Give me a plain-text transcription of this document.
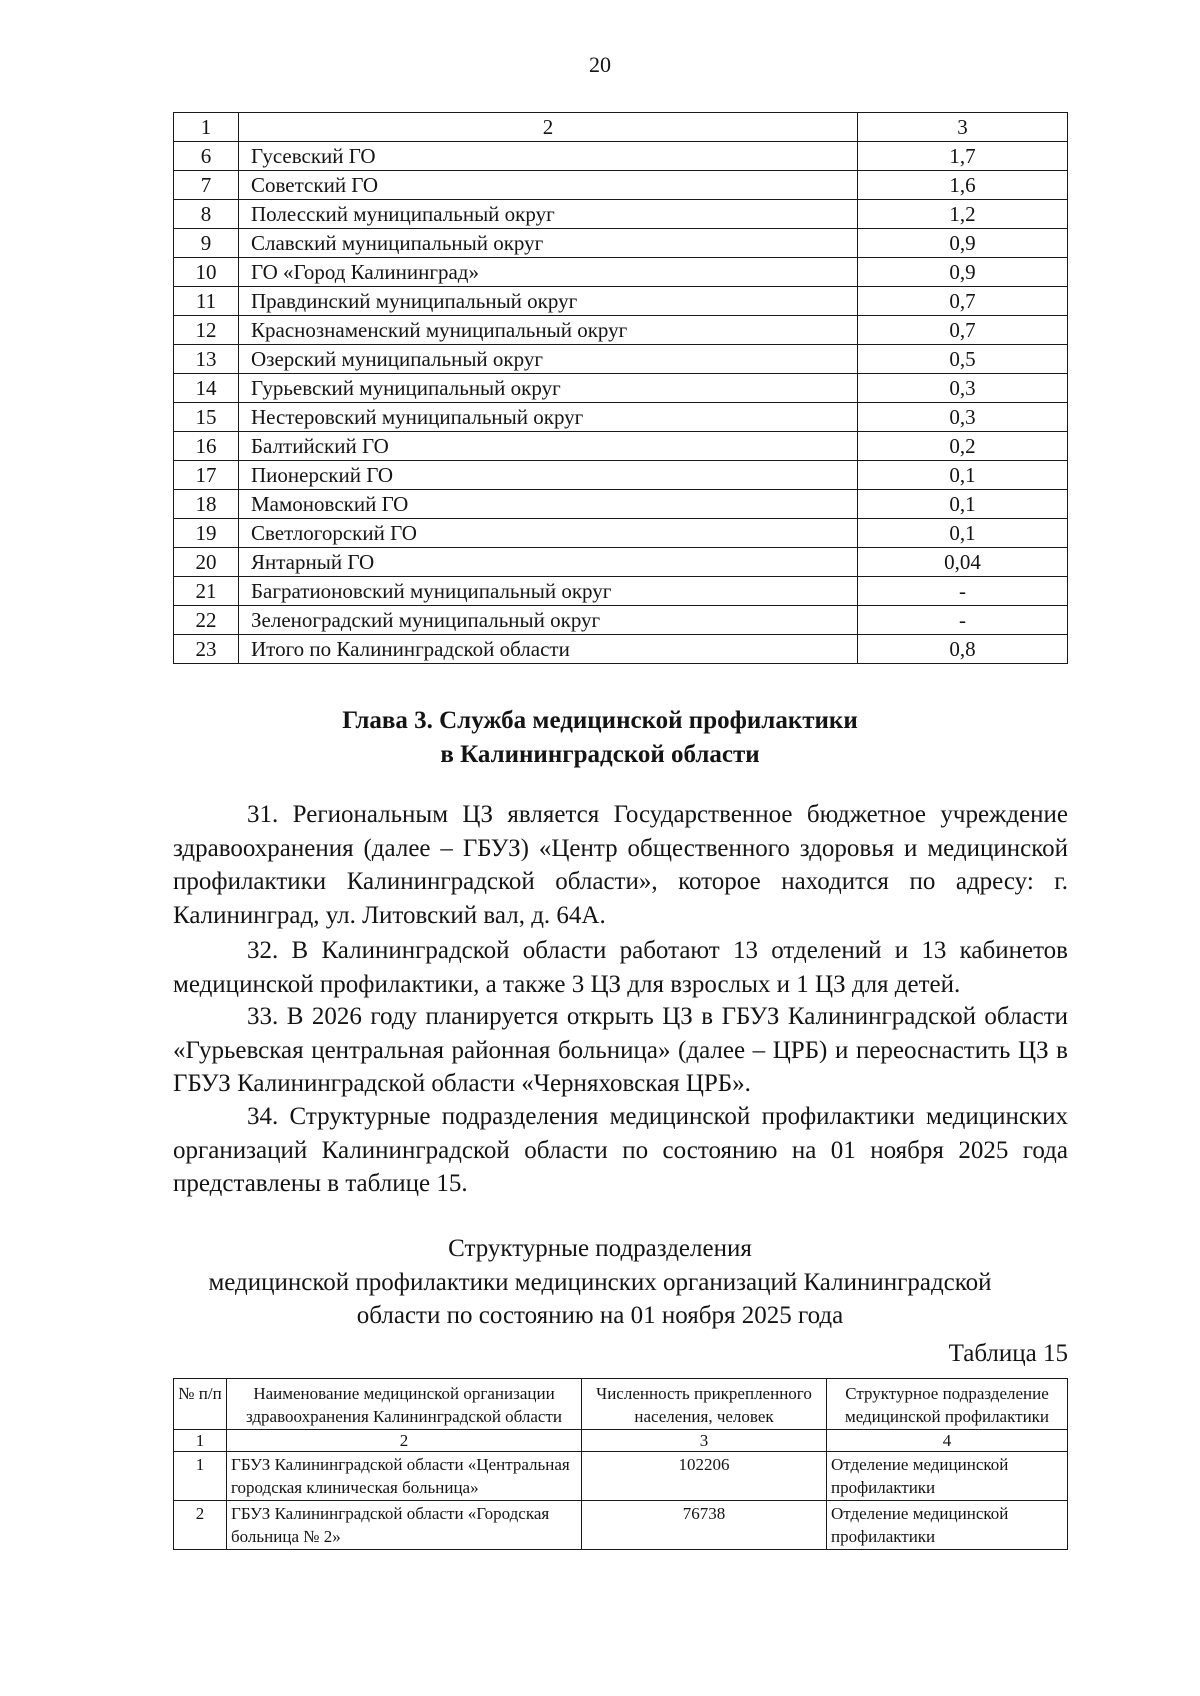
20
1	2	3
6	Гусевский ГО	1,7
7	Советский ГО	1,6
8	Полесский муниципальный округ	1,2
9	Славский муниципальный округ	0,9
10	ГО «Город Калининград»	0,9
11	Правдинский муниципальный округ	0,7
12	Краснознаменский муниципальный округ	0,7
13	Озерский муниципальный округ	0,5
14	Гурьевский муниципальный округ	0,3
15	Нестеровский муниципальный округ	0,3
16	Балтийский ГО	0,2
17	Пионерский ГО	0,1
18	Мамоновский ГО	0,1
19	Светлогорский ГО	0,1
20	Янтарный ГО	0,04
21	Багратионовский муниципальный округ	-
22	Зеленоградский муниципальный округ	-
23	Итого по Калининградской области	0,8
Глава 3. Служба медицинской профилактики
в Калининградской области

31. Региональным ЦЗ является Государственное бюджетное учреждение здравоохранения (далее – ГБУЗ) «Центр общественного здоровья и медицинской профилактики Калининградской области», которое находится по адресу: г. Калининград, ул. Литовский вал, д. 64А.

32. В Калининградской области работают 13 отделений и 13 кабинетов медицинской профилактики, а также 3 ЦЗ для взрослых и 1 ЦЗ для детей.

33. В 2026 году планируется открыть ЦЗ в ГБУЗ Калининградской области «Гурьевская центральная районная больница» (далее – ЦРБ) и переоснастить ЦЗ в ГБУЗ Калининградской области «Черняховская ЦРБ».

34. Структурные подразделения медицинской профилактики медицинских организаций Калининградской области по состоянию на 01 ноября 2025 года представлены в таблице 15.

Структурные подразделения
медицинской профилактики медицинских организаций Калининградской
области по состоянию на 01 ноября 2025 года
Таблица 15
№ п/п	Наименование медицинской организации здравоохранения Калининградской области	Численность прикрепленного населения, человек	Структурное подразделение медицинской профилактики
1	2	3	4
1	ГБУЗ Калининградской области «Центральная городская клиническая больница»	102206	Отделение медицинской профилактики
2	ГБУЗ Калининградской области «Городская больница № 2»	76738	Отделение медицинской профилактики
